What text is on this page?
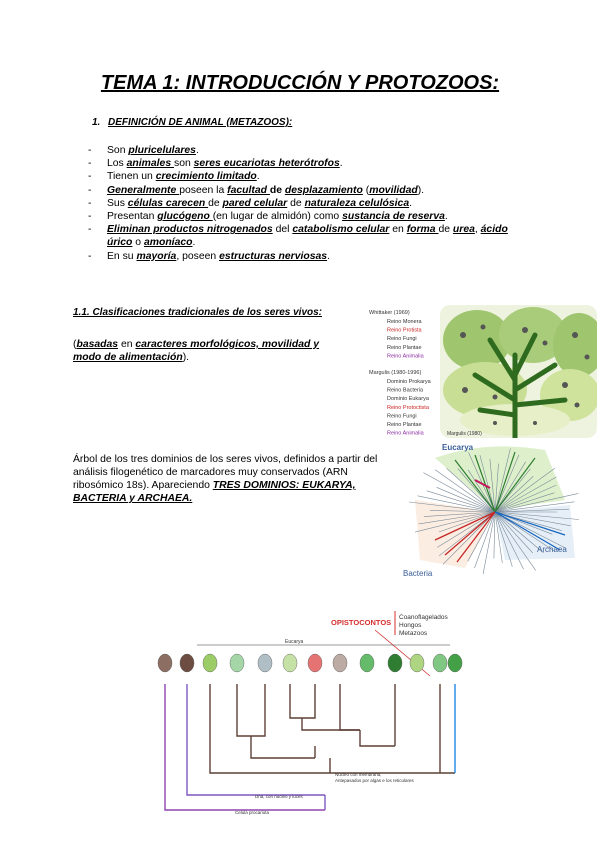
TEMA 1: INTRODUCCIÓN Y PROTOZOOS:
1. DEFINICIÓN DE ANIMAL (METAZOOS):
- Son pluricelulares.
- Los animales son seres eucariotas heterótrofos.
- Tienen un crecimiento limitado.
- Generalmente poseen la facultad de desplazamiento (movilidad).
- Sus células carecen de pared celular de naturaleza celulósica.
- Presentan glucógeno (en lugar de almidón) como sustancia de reserva.
- Eliminan productos nitrogenados del catabolismo celular en forma de urea, ácido úrico o amoníaco.
- En su mayoría, poseen estructuras nerviosas.
1.1. Clasificaciones tradicionales de los seres vivos:
(basadas en caracteres morfológicos, movilidad y modo de alimentación).
Árbol de los tres dominios de los seres vivos, definidos a partir del análisis filogenético de marcadores muy conservados (ARN ribosómico 18s). Apareciendo TRES DOMINIOS: EUKARYA, BACTERIA y ARCHAEA.
Whittaker (1969)
Reino Monera
Reino Protista
Reino Fungi
Reino Plantae
Reino Animalia
Margulis (1980-1996)
Dominio Prokarya
Reino Bacteria
Dominio Eukarya
Reino Protoctista
Reino Fungi
Reino Plantae
Reino Animalia	Margulis (1980)
Eucarya
Archaea
Bacteria
OPISTOCONTOS
Coanoflagelados
Hongos
Metazoos
Eucarya
Núcleo con membrana,
Antepasados por algas e los reticulares
Dna, con nucleo y luces
Celula procariota
